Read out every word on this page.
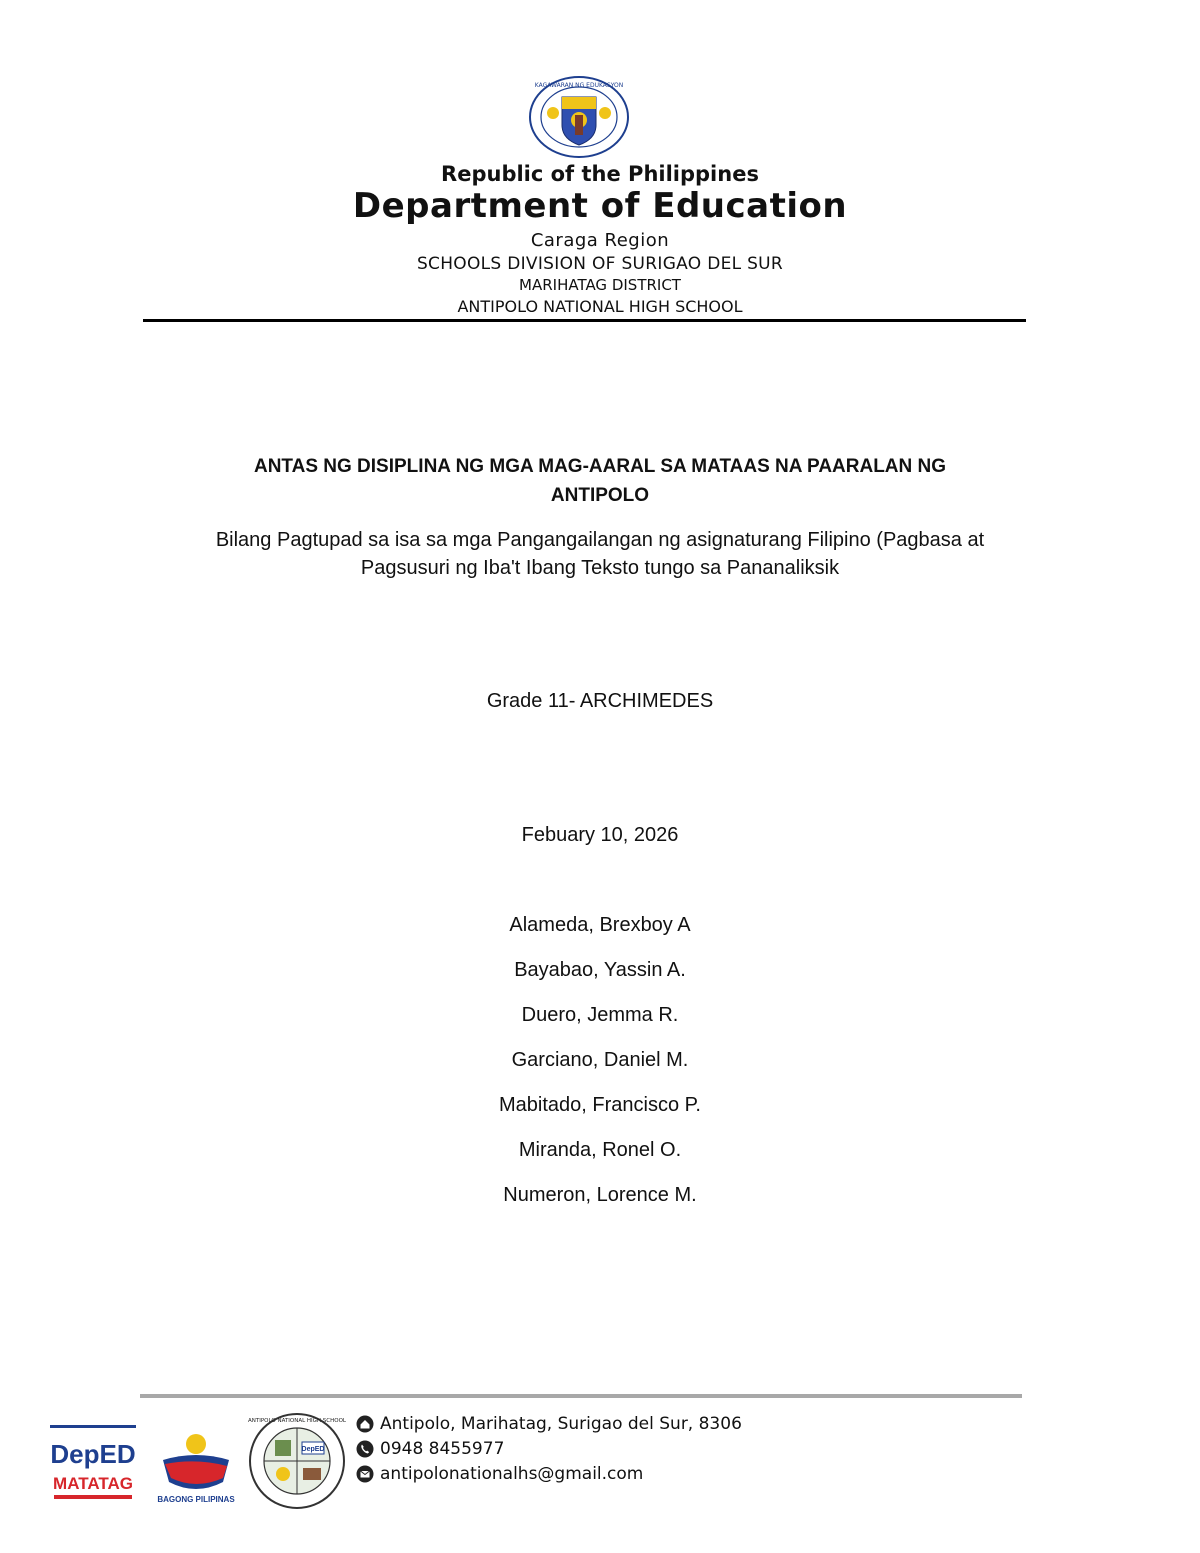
KAGAWARAN NG EDUKASYON
Republic of the Philippines
Department of Education
Caraga Region
SCHOOLS DIVISION OF SURIGAO DEL SUR
MARIHATAG DISTRICT
ANTIPOLO NATIONAL HIGH SCHOOL
ANTAS NG DISIPLINA NG MGA MAG-AARAL SA MATAAS NA PAARALAN NG
ANTIPOLO
Bilang Pagtupad sa isa sa mga Pangangailangan ng asignaturang Filipino (Pagbasa at
Pagsusuri ng Iba't Ibang Teksto tungo sa Pananaliksik
Grade 11- ARCHIMEDES
Febuary 10, 2026
Alameda, Brexboy A
Bayabao, Yassin A.
Duero, Jemma R.
Garciano, Daniel M.
Mabitado, Francisco P.
Miranda, Ronel O.
Numeron, Lorence M.
DepED
MATATAG
BAGONG PILIPINAS
DepED
ANTIPOLO NATIONAL HIGH SCHOOL Antipolo, Marihatag, Surigao del Sur, 8306
0948 8455977
antipolonationalhs@gmail.com
